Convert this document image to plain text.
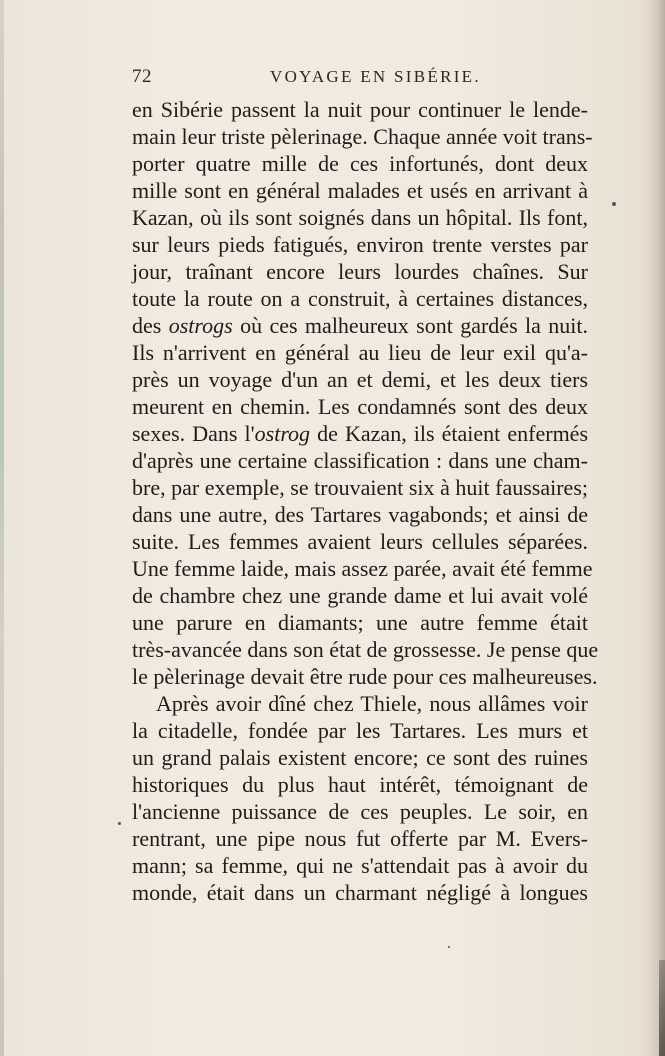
72	VOYAGE EN SIBÉRIE.
en Sibérie passent la nuit pour continuer le lende-
main leur triste pèlerinage. Chaque année voit trans-
porter quatre mille de ces infortunés, dont deux
mille sont en général malades et usés en arrivant à
Kazan, où ils sont soignés dans un hôpital. Ils font,
sur leurs pieds fatigués, environ trente verstes par
jour, traînant encore leurs lourdes chaînes. Sur
toute la route on a construit, à certaines distances,
des ostrogs où ces malheureux sont gardés la nuit.
Ils n'arrivent en général au lieu de leur exil qu'a-
près un voyage d'un an et demi, et les deux tiers
meurent en chemin. Les condamnés sont des deux
sexes. Dans l'ostrog de Kazan, ils étaient enfermés
d'après une certaine classification : dans une cham-
bre, par exemple, se trouvaient six à huit faussaires;
dans une autre, des Tartares vagabonds; et ainsi de
suite. Les femmes avaient leurs cellules séparées.
Une femme laide, mais assez parée, avait été femme
de chambre chez une grande dame et lui avait volé
une parure en diamants; une autre femme était
très-avancée dans son état de grossesse. Je pense que
le pèlerinage devait être rude pour ces malheureuses.
Après avoir dîné chez Thiele, nous allâmes voir
la citadelle, fondée par les Tartares. Les murs et
un grand palais existent encore; ce sont des ruines
historiques du plus haut intérêt, témoignant de
l'ancienne puissance de ces peuples. Le soir, en
rentrant, une pipe nous fut offerte par M. Evers-
mann; sa femme, qui ne s'attendait pas à avoir du
monde, était dans un charmant négligé à longues
